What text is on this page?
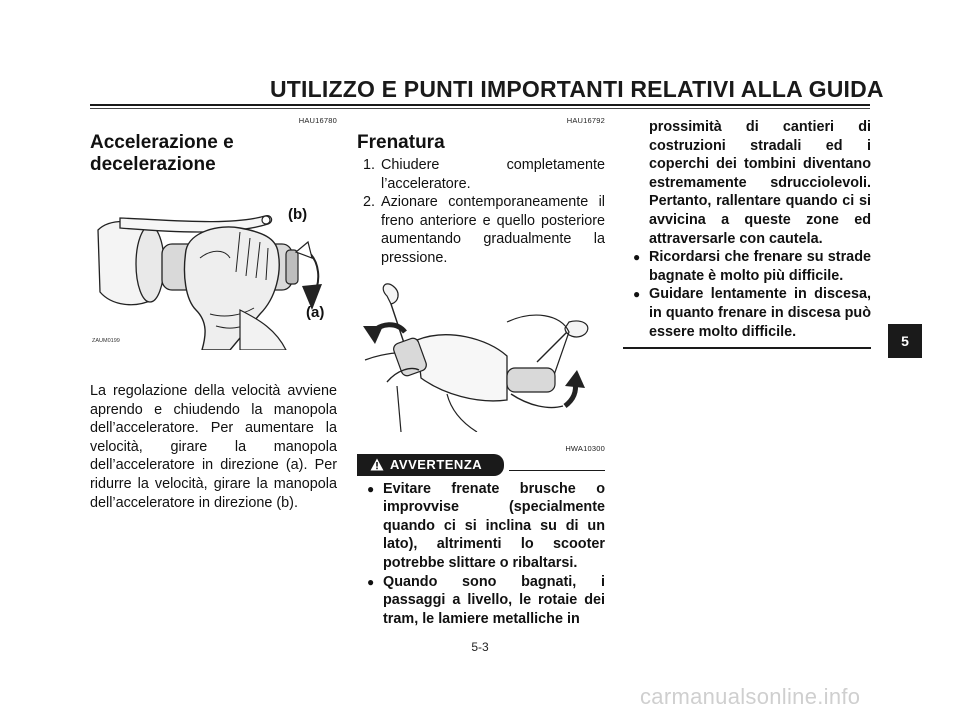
UTILIZZO E PUNTI IMPORTANTI RELATIVI ALLA GUIDA
HAU16780
Accelerazione e
decelerazione
(b)
(a)
ZAUM0199
La regolazione della velocità avviene aprendo e chiudendo la manopola dell’acceleratore. Per aumentare la velocità, girare la manopola dell’acceleratore in direzione (a). Per ridurre la velocità, girare la manopola dell’acceleratore in direzione (b).
HAU16792
Frenatura
1. Chiudere completamente l’acceleratore.
2. Azionare contemporaneamente il freno anteriore e quello posteriore aumentando gradualmente la pressione.
HWA10300
AVVERTENZA
● Evitare frenate brusche o improvvise (specialmente quando ci si inclina su di un lato), altrimenti lo scooter potrebbe slittare o ribaltarsi.
● Quando sono bagnati, i passaggi a livello, le rotaie dei tram, le lamiere metalliche in
prossimità di cantieri di costruzioni stradali ed i coperchi dei tombini diventano estremamente sdrucciolevoli. Pertanto, rallentare quando ci si avvicina a queste zone ed attraversarle con cautela.
● Ricordarsi che frenare su strade bagnate è molto più difficile.
● Guidare lentamente in discesa, in quanto frenare in discesa può essere molto difficile.
5-3
5
carmanualsonline.info
